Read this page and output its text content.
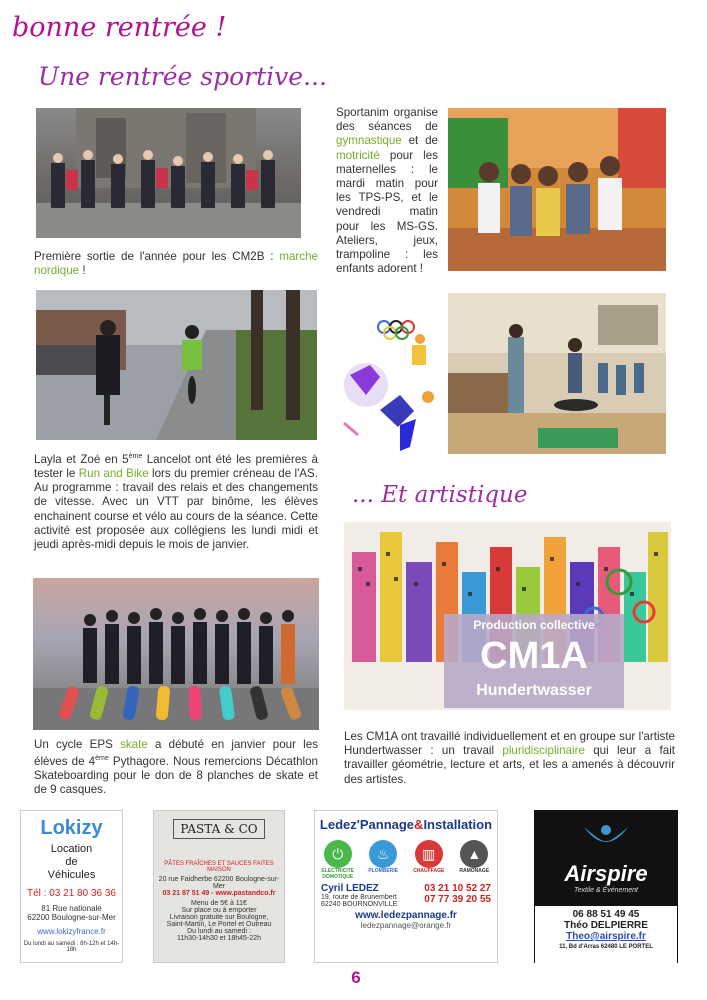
bonne rentrée !
Une rentrée sportive...
Première sortie de l'année pour les CM2B : marche nordique !
Layla et Zoé en 5ème Lancelot ont été les premières à tester le Run and Bike lors du premier créneau de l'AS. Au programme : travail des relais et des changements de vitesse. Avec un VTT par binôme, les élèves enchainent course et vélo au cours de la séance. Cette activité est proposée aux collégiens les lundi midi et jeudi après-midi depuis le mois de janvier.
Un cycle EPS skate a débuté en janvier pour les élèves de 4ème Pythagore. Nous remercions Décathlon Skateboarding pour le don de 8 planches de skate et de 9 casques.
Sportanim organise des séances de gymnastique et de motricité pour les maternelles : le mardi matin pour les TPS-PS, et le vendredi matin pour les MS-GS. Ateliers, jeux, trampoline : les enfants adorent !
... Et artistique
Production collective
CM1A
Hundertwasser
Les CM1A ont travaillé individuellement et en groupe sur l'artiste Hundertwasser : un travail pluridisciplinaire qui leur a fait travailler géométrie, lecture et arts, et les a amenés à découvrir des artistes.
Lokizy
Location
de
Véhicules
Tél : 03 21 80 36 36
81 Rue nationale
62200 Boulogne-sur-Mer
www.lokizyfrance.fr
Du lundi au samedi : 8h-12h et 14h-18h
PASTA & CO
PÂTES FRAÎCHES ET SAUCES FAITES MAISON
20 rue Faidherbe 62200 Boulogne-sur-Mer
03 21 87 51 49 - www.pastandco.fr
Menu de 5€ à 11€
Sur place ou à emporter
Livraison gratuite sur Boulogne,
Saint-Martin, Le Portel et Outreau
Du lundi au samedi :
11h30-14h30 et 18h45-22h
Ledez'Pannage&Installation
⏻
ELECTRICITE DOMOTIQUE
♨
PLOMBERIE
▥
CHAUFFAGE
▲
RAMONAGE
Cyril LEDEZ
19, route de Brunembert
62240 BOURNONVILLE
03 21 10 52 27
07 77 39 20 55
www.ledezpannage.fr
ledezpannage@orange.fr
Airspire
Textile & Événement
06 88 51 49 45
Théo DELPIERRE
Theo@airspire.fr
11, Bd d'Arras 62480 LE PORTEL
6
